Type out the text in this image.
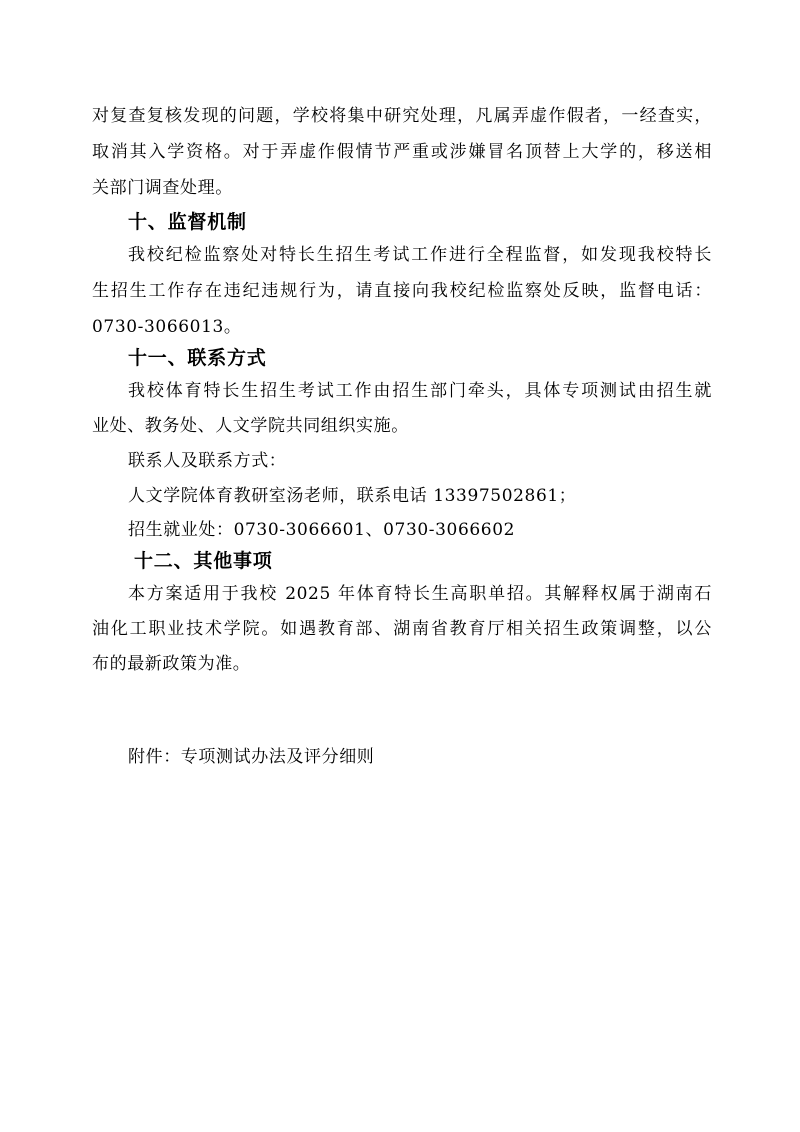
对复查复核发现的问题，学校将集中研究处理，凡属弄虚作假者，一经查实，
取消其入学资格。对于弄虚作假情节严重或涉嫌冒名顶替上大学的，移送相
关部门调查处理。
十、监督机制
我校纪检监察处对特长生招生考试工作进行全程监督，如发现我校特长
生招生工作存在违纪违规行为，请直接向我校纪检监察处反映，监督电话：
0730-3066013。
十一、联系方式
我校体育特长生招生考试工作由招生部门牵头，具体专项测试由招生就
业处、教务处、人文学院共同组织实施。
联系人及联系方式：
人文学院体育教研室汤老师，联系电话 13397502861；
招生就业处：0730-3066601、0730-3066602
十二、其他事项
本方案适用于我校 2025 年体育特长生高职单招。其解释权属于湖南石
油化工职业技术学院。如遇教育部、湖南省教育厅相关招生政策调整，以公
布的最新政策为准。
附件：专项测试办法及评分细则
